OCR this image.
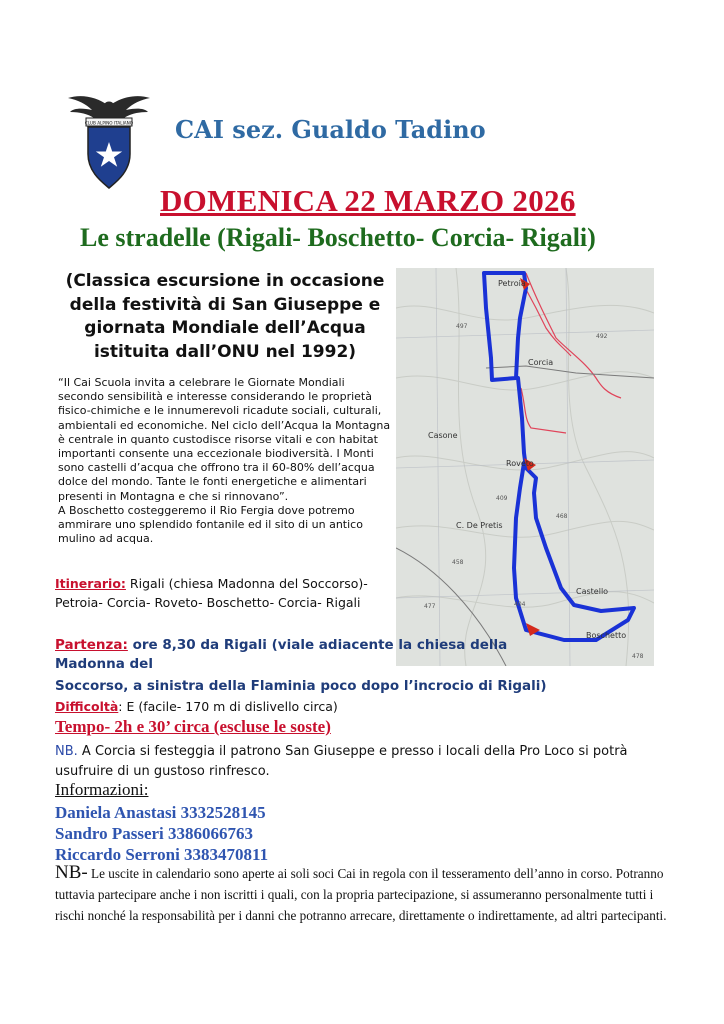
CLUB ALPINO ITALIANO CAI sez. Gualdo Tadino
DOMENICA 22 MARZO 2026
Le stradelle (Rigali- Boschetto- Corcia- Rigali)
(Classica escursione in occasione della festività di San Giuseppe e giornata Mondiale dell’Acqua istituita dall’ONU nel 1992)
“Il Cai Scuola invita a celebrare le Giornate Mondiali secondo sensibilità e interesse considerando le proprietà fisico-chimiche e le innumerevoli ricadute sociali, culturali, ambientali ed economiche. Nel ciclo dell’Acqua la Montagna è centrale in quanto custodisce risorse vitali e con habitat importanti consente una eccezionale biodiversità. I Monti sono castelli d’acqua che offrono tra il 60-80% dell’acqua dolce del mondo. Tante le fonti energetiche e alimentari presenti in Montagna e che si rinnovano”.
A Boschetto costeggeremo il Rio Fergia dove potremo ammirare uno splendido fontanile ed il sito di un antico mulino ad acqua.
Petroia
Corcia
Casone
Roveto
C. De Pretis
Castello
Boschetto
497
477	404
409
458
468
492
478
Itinerario: Rigali (chiesa Madonna del Soccorso)- Petroia- Corcia- Roveto- Boschetto- Corcia- Rigali
Partenza: ore 8,30 da Rigali (viale adiacente la chiesa della Madonna del
Soccorso, a sinistra della Flaminia poco dopo l’incrocio di Rigali)
Difficoltà: E (facile- 170 m di dislivello circa)
Tempo- 2h e 30’ circa (escluse le soste)
NB. A Corcia si festeggia il patrono San Giuseppe e presso i locali della Pro Loco si potrà usufruire di un gustoso rinfresco.
Informazioni:
Daniela Anastasi 3332528145
Sandro Passeri 3386066763
Riccardo Serroni 3383470811
NB- Le uscite in calendario sono aperte ai soli soci Cai in regola con il tesseramento dell’anno in corso. Potranno tuttavia partecipare anche i non iscritti i quali, con la propria partecipazione, si assumeranno personalmente tutti i rischi nonché la responsabilità per i danni che potranno arrecare, direttamente o indirettamente, ad altri partecipanti.
